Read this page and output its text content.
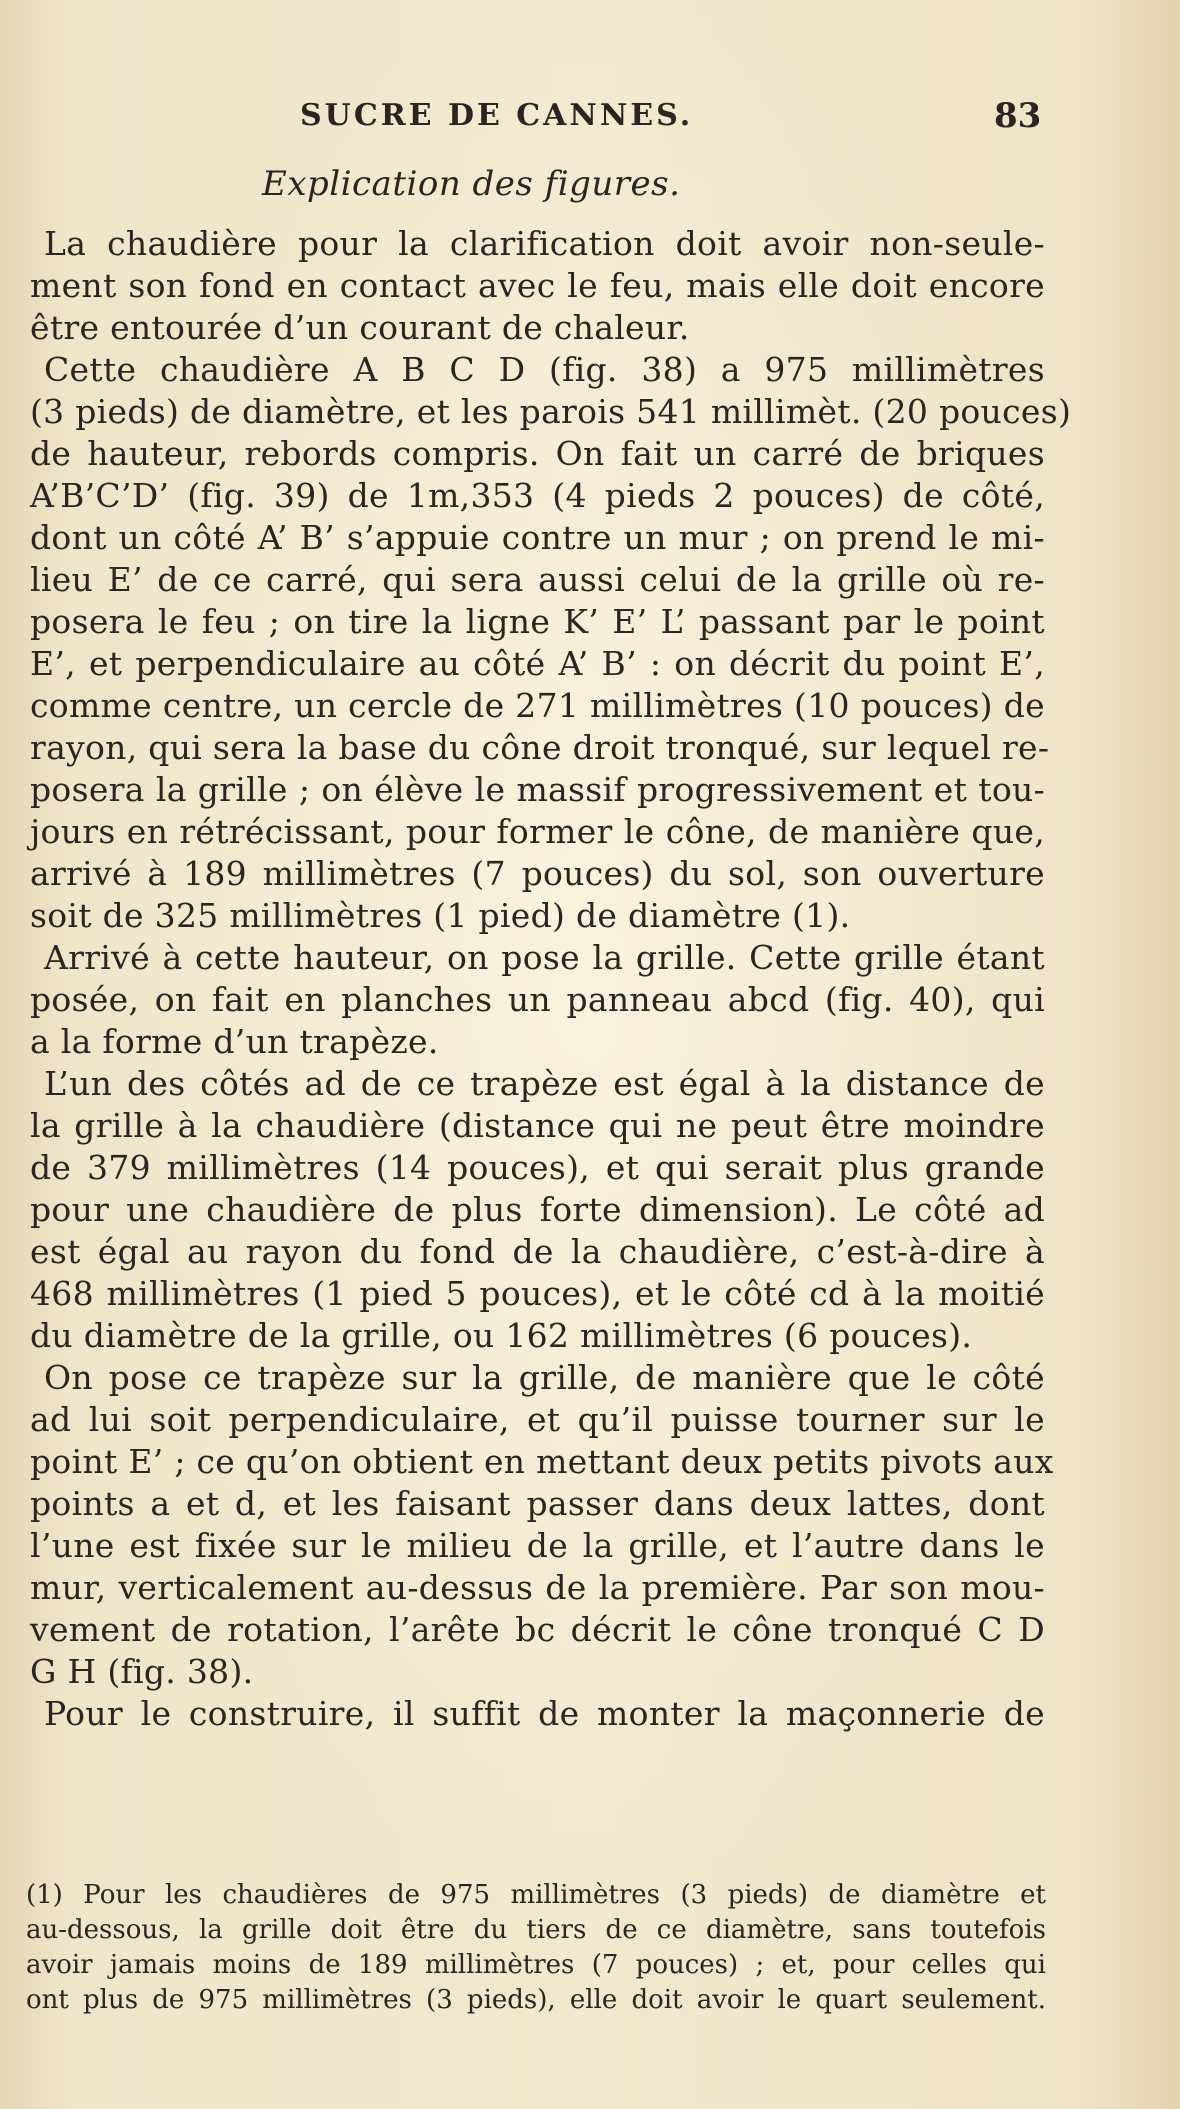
SUCRE DE CANNES.	83
Explication des figures.
La chaudière pour la clarification doit avoir non-seule-
ment son fond en contact avec le feu, mais elle doit encore
être entourée d’un courant de chaleur.
Cette chaudière A B C D (fig. 38) a 975 millimètres
(3 pieds) de diamètre, et les parois 541 millimèt. (20 pouces)
de hauteur, rebords compris. On fait un carré de briques
A’B’C’D’ (fig. 39) de 1m,353 (4 pieds 2 pouces) de côté,
dont un côté A’ B’ s’appuie contre un mur ; on prend le mi-
lieu E’ de ce carré, qui sera aussi celui de la grille où re-
posera le feu ; on tire la ligne K’ E’ L’ passant par le point
E’, et perpendiculaire au côté A’ B’ : on décrit du point E’,
comme centre, un cercle de 271 millimètres (10 pouces) de
rayon, qui sera la base du cône droit tronqué, sur lequel re-
posera la grille ; on élève le massif progressivement et tou-
jours en rétrécissant, pour former le cône, de manière que,
arrivé à 189 millimètres (7 pouces) du sol, son ouverture
soit de 325 millimètres (1 pied) de diamètre (1).
Arrivé à cette hauteur, on pose la grille. Cette grille étant
posée, on fait en planches un panneau abcd (fig. 40), qui
a la forme d’un trapèze.
L’un des côtés ad de ce trapèze est égal à la distance de
la grille à la chaudière (distance qui ne peut être moindre
de 379 millimètres (14 pouces), et qui serait plus grande
pour une chaudière de plus forte dimension). Le côté ad
est égal au rayon du fond de la chaudière, c’est-à-dire à
468 millimètres (1 pied 5 pouces), et le côté cd à la moitié
du diamètre de la grille, ou 162 millimètres (6 pouces).
On pose ce trapèze sur la grille, de manière que le côté
ad lui soit perpendiculaire, et qu’il puisse tourner sur le
point E’ ; ce qu’on obtient en mettant deux petits pivots aux
points a et d, et les faisant passer dans deux lattes, dont
l’une est fixée sur le milieu de la grille, et l’autre dans le
mur, verticalement au-dessus de la première. Par son mou-
vement de rotation, l’arête bc décrit le cône tronqué C D
G H (fig. 38).
Pour le construire, il suffit de monter la maçonnerie de
(1) Pour les chaudières de 975 millimètres (3 pieds) de diamètre et
au-dessous, la grille doit être du tiers de ce diamètre, sans toutefois
avoir jamais moins de 189 millimètres (7 pouces) ; et, pour celles qui
ont plus de 975 millimètres (3 pieds), elle doit avoir le quart seulement.
